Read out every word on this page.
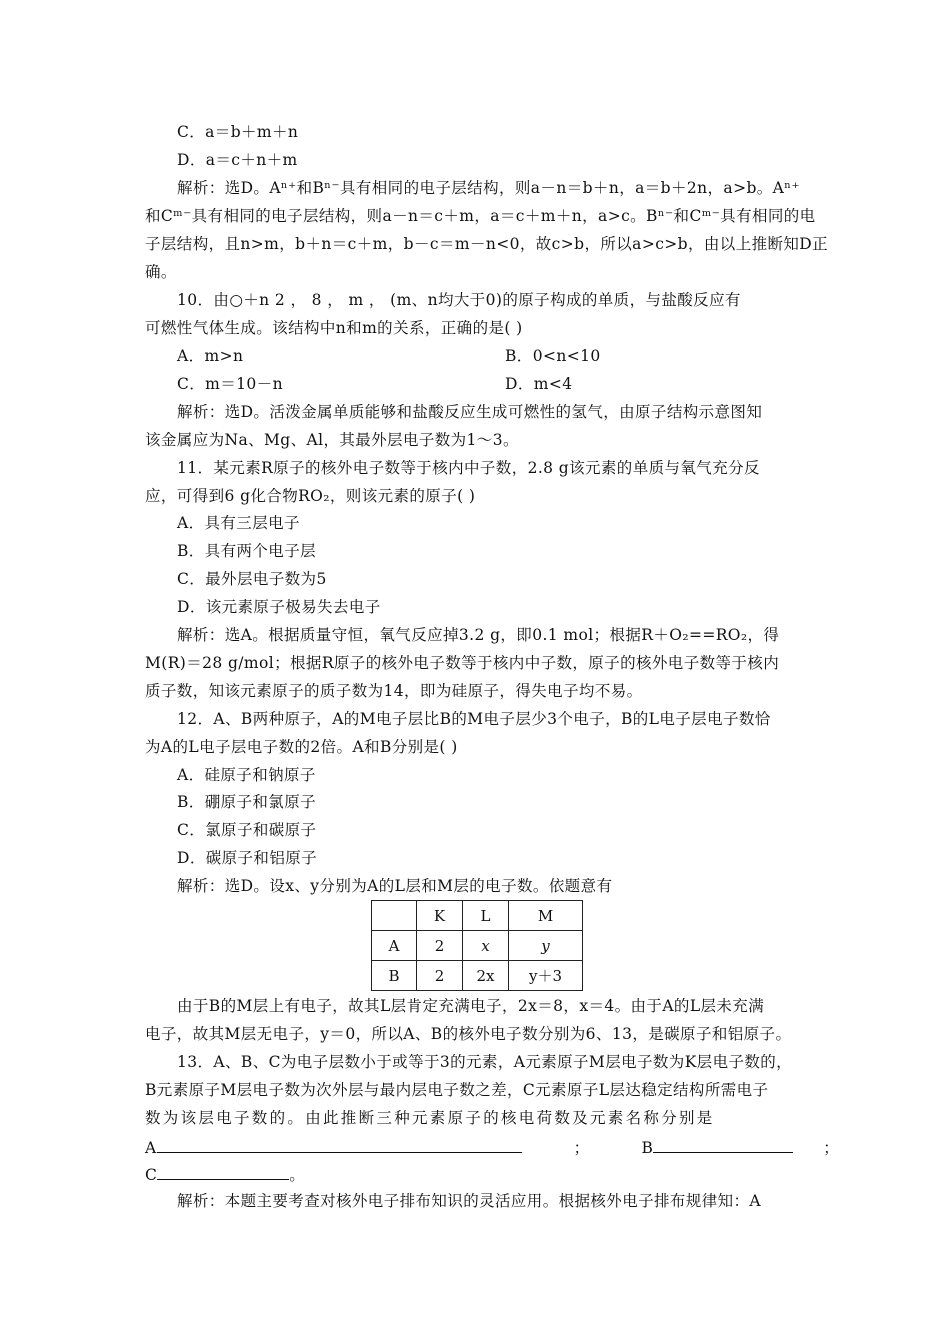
C．a＝b＋m＋n
D．a＝c＋n＋m
解析：选D。Aⁿ⁺和Bⁿ⁻具有相同的电子层结构，则a－n＝b＋n，a＝b＋2n，a>b。Aⁿ⁺
和Cᵐ⁻具有相同的电子层结构，则a－n＝c＋m，a＝c＋m＋n，a>c。Bⁿ⁻和Cᵐ⁻具有相同的电
子层结构，且n>m，b＋n＝c＋m，b－c＝m－n<0，故c>b，所以a>c>b，由以上推断知D正
确。
10．由○＋n 2 ， 8 ， m ， (m、n均大于0)的原子构成的单质，与盐酸反应有
可燃性气体生成。该结构中n和m的关系，正确的是( )
A．m>n	B．0<n<10
C．m＝10－n	D．m<4
解析：选D。活泼金属单质能够和盐酸反应生成可燃性的氢气，由原子结构示意图知
该金属应为Na、Mg、Al，其最外层电子数为1～3。
11．某元素R原子的核外电子数等于核内中子数，2.8 g该元素的单质与氧气充分反
应，可得到6 g化合物RO₂，则该元素的原子( )
A．具有三层电子
B．具有两个电子层
C．最外层电子数为5
D．该元素原子极易失去电子
解析：选A。根据质量守恒，氧气反应掉3.2 g，即0.1 mol；根据R＋O₂==RO₂，得
M(R)＝28 g/mol；根据R原子的核外电子数等于核内中子数，原子的核外电子数等于核内
质子数，知该元素原子的质子数为14，即为硅原子，得失电子均不易。
12．A、B两种原子，A的M电子层比B的M电子层少3个电子，B的L电子层电子数恰
为A的L电子层电子数的2倍。A和B分别是( )
A．硅原子和钠原子
B．硼原子和氯原子
C．氯原子和碳原子
D．碳原子和铝原子
解析：选D。设x、y分别为A的L层和M层的电子数。依题意有
	K	L	M
A	2	x	y
B	2	2x	y＋3
由于B的M层上有电子，故其L层肯定充满电子，2x＝8，x＝4。由于A的L层未充满
电子，故其M层无电子，y＝0，所以A、B的核外电子数分别为6、13，是碳原子和铝原子。
13．A、B、C为电子层数小于或等于3的元素，A元素原子M层电子数为K层电子数的，
B元素原子M层电子数为次外层与最内层电子数之差，C元素原子L层达稳定结构所需电子
数为该层电子数的。由此推断三种元素原子的核电荷数及元素名称分别是
A	；	B	；
C	。
解析：本题主要考查对核外电子排布知识的灵活应用。根据核外电子排布规律知：A
